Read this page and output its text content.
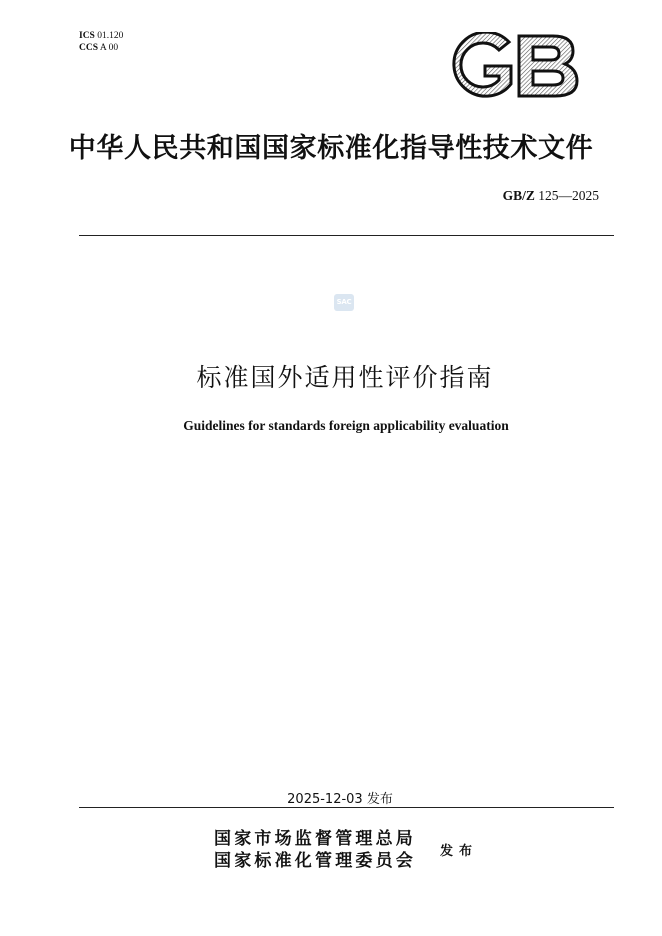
ICS 01.120
CCS A 00
中华人民共和国国家标准化指导性技术文件
GB/Z 125—2025
SAC
标准国外适用性评价指南
Guidelines for standards foreign applicability evaluation
2025-12-03 发布
国家市场监督管理总局
国家标准化管理委员会 发布
